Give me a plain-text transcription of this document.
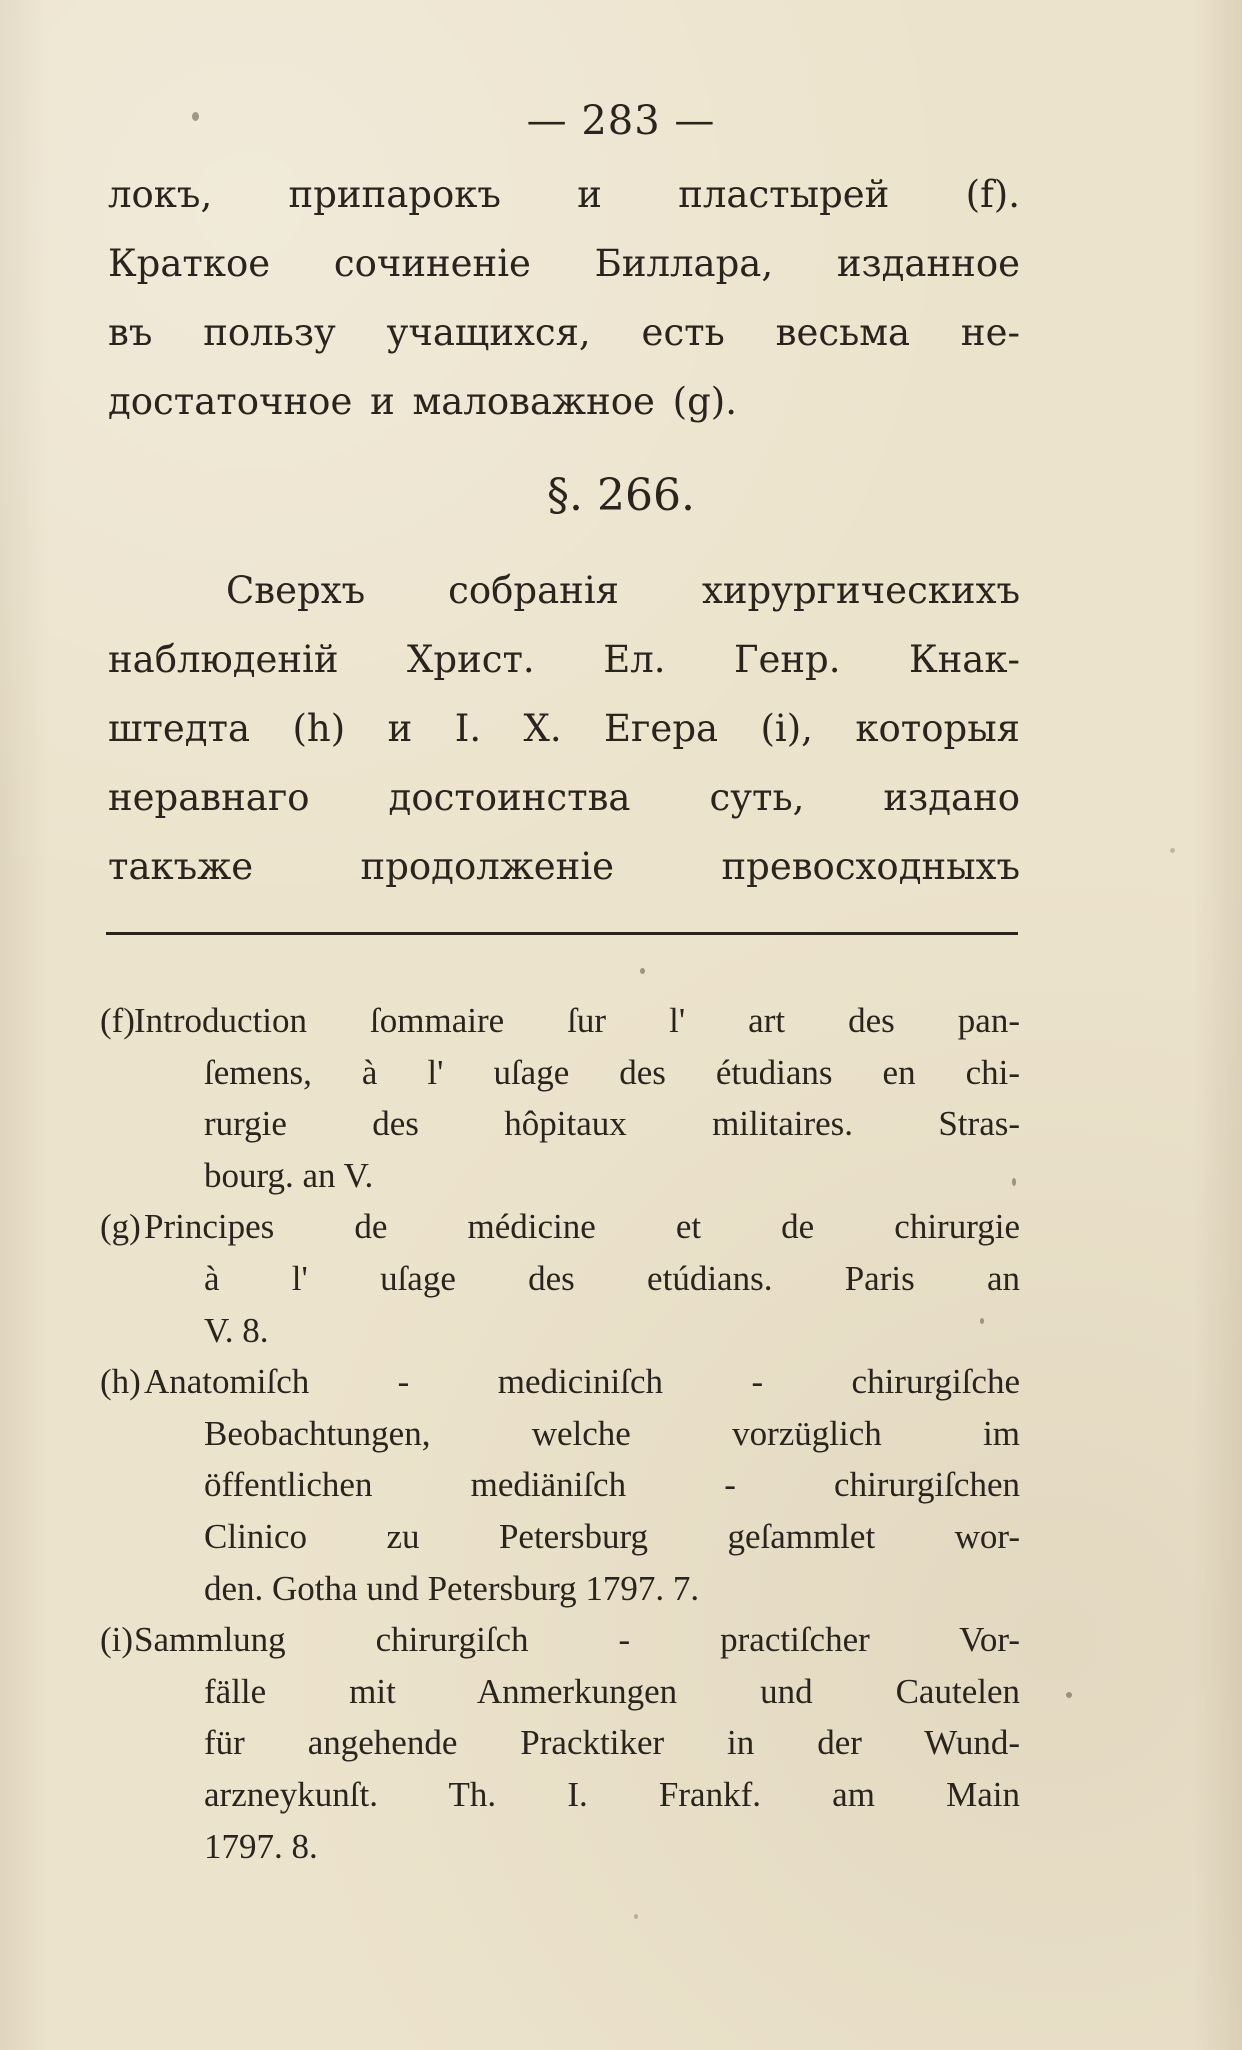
— 283 —
локъ, припарокъ и пластырей (f).
Краткое сочиненіе Биллара, изданное
въ пользу учащихся, есть весьма не-
достаточное и маловажное (g).
§. 266.
Сверхъ собранія хирургическихъ
наблюденій Христ. Ел. Генр. Кнак-
штедта (h) и I. X. Егера (i), которыя
неравнаго достоинства суть, издано
такъже продолженіе превосходныхъ
(f) Introduction ſommaire ſur l' art des pan-
ſemens, à l' uſage des étudians en chi-
rurgie des hôpitaux militaires. Stras-
bourg. an V.
(g) Principes de médicine et de chirurgie
à l' uſage des etúdians. Paris an
V. 8.
(h) Anatomiſch - mediciniſch - chirurgiſche
Beobachtungen, welche vorzüglich im
öffentlichen mediäniſch - chirurgiſchen
Clinico zu Petersburg geſammlet wor-
den. Gotha und Petersburg 1797. 7.
(i) Sammlung chirurgiſch - practiſcher Vor-
fälle mit Anmerkungen und Cautelen
für angehende Pracktiker in der Wund-
arzneykunſt. Th. I. Frankf. am Main
1797. 8.
